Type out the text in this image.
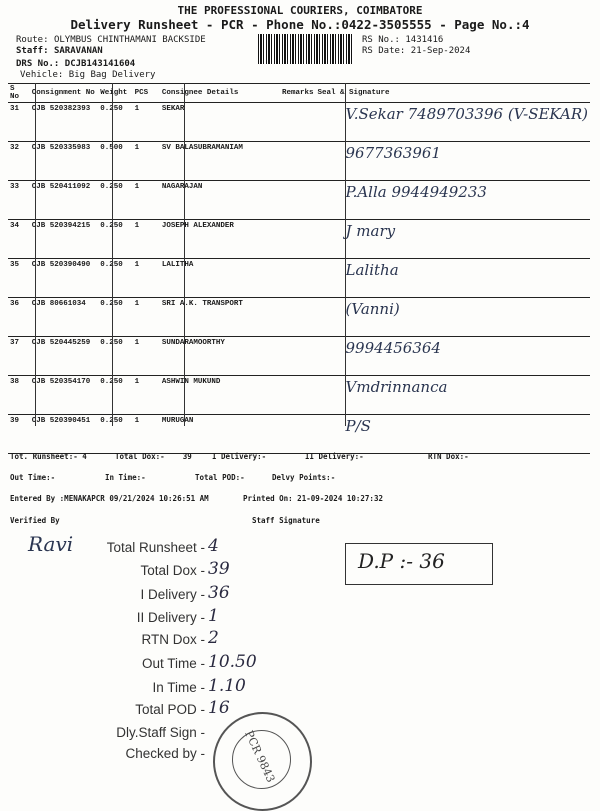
THE PROFESSIONAL COURIERS, COIMBATORE
Delivery Runsheet - PCR - Phone No.:0422-3505555 - Page No.:4
Route: OLYMBUS CHINTHAMANI BACKSIDE
Staff: SARAVANAN
DRS No.: DCJB143141604
Vehicle: Big Bag Delivery
RS No.: 1431416
RS Date: 21-Sep-2024
S No	Consignment No	Weight	PCS	Consignee Details	Remarks	Seal & Signature
31	CJB 520382393	0.250	1	SEKAR		V.Sekar 7489703396 (V-SEKAR)
32	CJB 520335983	0.500	1	SV BALASUBRAMANIAM		9677363961
33	CJB 520411092	0.250	1	NAGARAJAN		P.Alla 9944949233
34	CJB 520394215	0.250	1	JOSEPH ALEXANDER		J mary
35	CJB 520390490	0.250	1	LALITHA		Lalitha
36	CJB 80661034	0.250	1	SRI A.K. TRANSPORT		(Vanni)
37	CJB 520445259	0.250	1	SUNDARAMOORTHY		9994456364
38	CJB 520354170	0.250	1	ASHWIN MUKUND		Vmdrinnanca
39	CJB 520390451	0.250	1	MURUGAN		P/S
Tot. Runsheet:- 4	Total Dox:- 39	I Delivery:-	II Delivery:-	RTN Dox:-
Out Time:-	In Time:-	Total POD:-	Delvy Points:-
Entered By :MENAKAPCR 09/21/2024 10:26:51 AM	Printed On: 21-09-2024 10:27:32
Verified By	Staff Signature
Ravi	Total Runsheet - 4
Total Dox - 39
I Delivery - 36
II Delivery - 1
RTN Dox - 2
Out Time - 10.50
In Time - 1.10
Total POD - 16
Dly.Staff Sign -
Checked by -
D.P :- 36
PCR 9843
